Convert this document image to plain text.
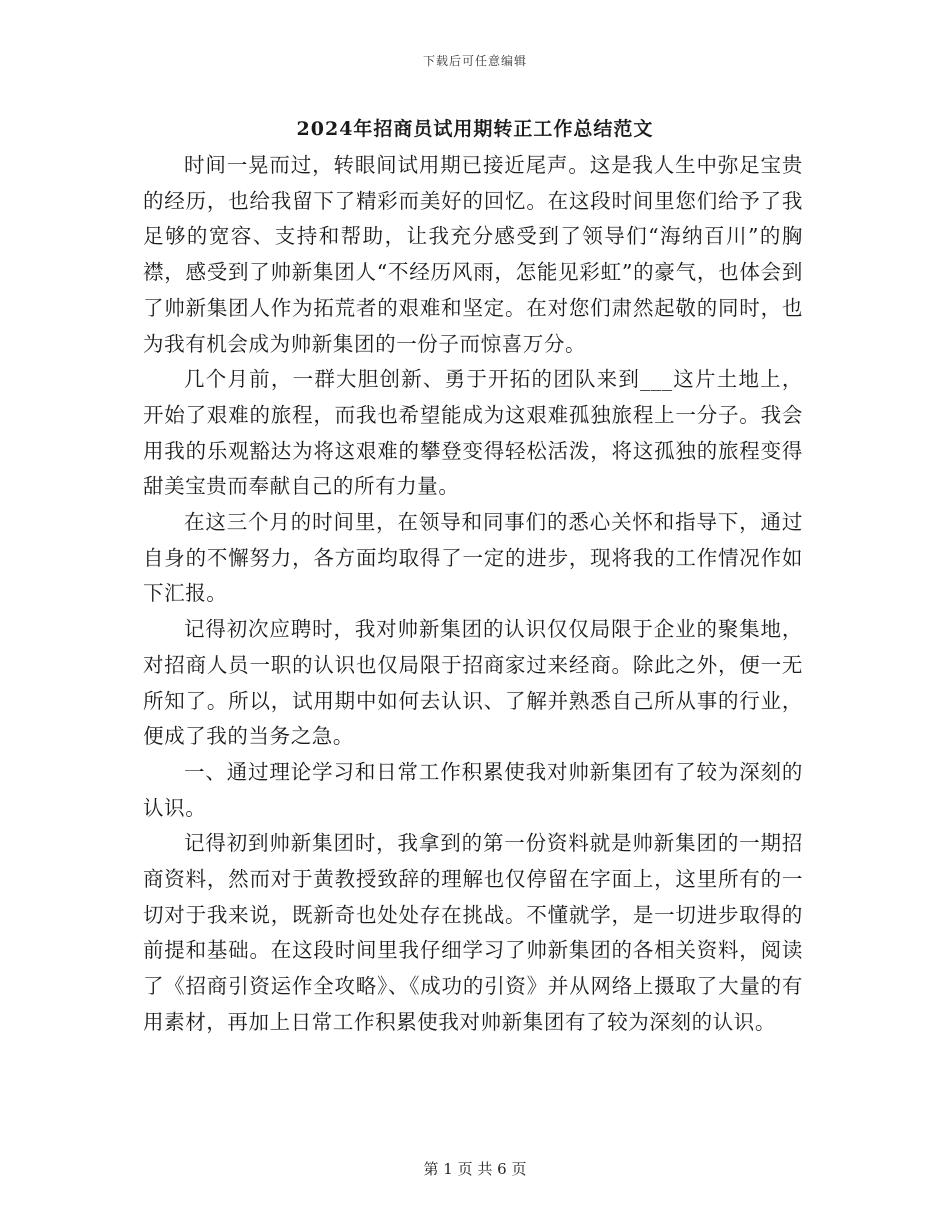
下载后可任意编辑
2024年招商员试用期转正工作总结范文

时间一晃而过，转眼间试用期已接近尾声。这是我人生中弥足宝贵的经历，也给我留下了精彩而美好的回忆。在这段时间里您们给予了我足够的宽容、支持和帮助，让我充分感受到了领导们“海纳百川”的胸襟，感受到了帅新集团人“不经历风雨，怎能见彩虹”的豪气，也体会到了帅新集团人作为拓荒者的艰难和坚定。在对您们肃然起敬的同时，也为我有机会成为帅新集团的一份子而惊喜万分。

几个月前，一群大胆创新、勇于开拓的团队来到___这片土地上，开始了艰难的旅程，而我也希望能成为这艰难孤独旅程上一分子。我会用我的乐观豁达为将这艰难的攀登变得轻松活泼，将这孤独的旅程变得甜美宝贵而奉献自己的所有力量。

在这三个月的时间里，在领导和同事们的悉心关怀和指导下，通过自身的不懈努力，各方面均取得了一定的进步，现将我的工作情况作如下汇报。

记得初次应聘时，我对帅新集团的认识仅仅局限于企业的聚集地，对招商人员一职的认识也仅局限于招商家过来经商。除此之外，便一无所知了。所以，试用期中如何去认识、了解并熟悉自己所从事的行业，便成了我的当务之急。

一、通过理论学习和日常工作积累使我对帅新集团有了较为深刻的认识。

记得初到帅新集团时，我拿到的第一份资料就是帅新集团的一期招商资料，然而对于黄教授致辞的理解也仅停留在字面上，这里所有的一切对于我来说，既新奇也处处存在挑战。不懂就学，是一切进步取得的前提和基础。在这段时间里我仔细学习了帅新集团的各相关资料，阅读了《招商引资运作全攻略》、《成功的引资》并从网络上摄取了大量的有用素材，再加上日常工作积累使我对帅新集团有了较为深刻的认识。

第 1 页 共 6 页
